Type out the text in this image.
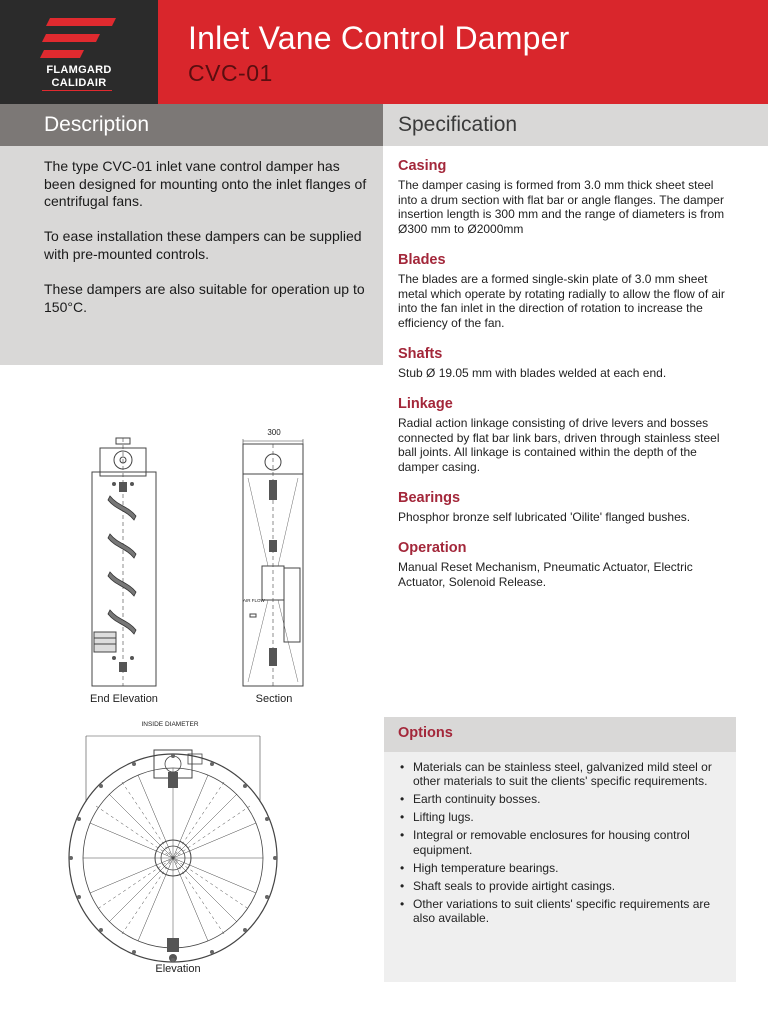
FLAMGARD
CALIDAIR
Inlet Vane Control Damper
CVC-01
Description

The type CVC-01 inlet vane control damper has been designed for mounting onto the inlet flanges of centrifugal fans.

To ease installation these dampers can be supplied with pre-mounted controls.

These dampers are also suitable for operation up to 150°C.

Specification
Casing
The damper casing is formed from 3.0 mm thick sheet steel into a drum section with flat bar or angle flanges. The damper insertion length is 300 mm and the range of diameters is from Ø300 mm to Ø2000mm
Blades
The blades are a formed single-skin plate of 3.0 mm sheet metal which operate by rotating radially to allow the flow of air into the fan inlet in the direction of rotation to increase the efficiency of the fan.
Shafts
Stub Ø 19.05 mm with blades welded at each end.
Linkage
Radial action linkage consisting of drive levers and bosses connected by flat bar link bars, driven through stainless steel ball joints. All linkage is contained within the depth of the damper casing.
Bearings
Phosphor bronze self lubricated 'Oilite' flanged bushes.
Operation
Manual Reset Mechanism, Pneumatic Actuator, Electric Actuator, Solenoid Release.
End Elevation
300
AIR FLOW
Section
INSIDE DIAMETER
Elevation
Options
• Materials can be stainless steel, galvanized mild steel or other materials to suit the clients' specific requirements.
• Earth continuity bosses.
• Lifting lugs.
• Integral or removable enclosures for housing control equipment.
• High temperature bearings.
• Shaft seals to provide airtight casings.
• Other variations to suit clients' specific requirements are also available.
